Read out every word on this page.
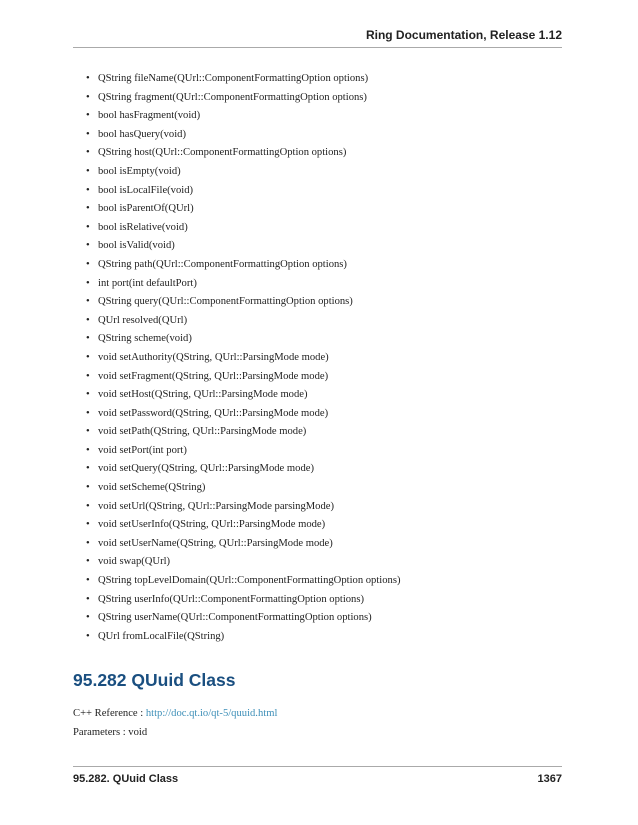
Ring Documentation, Release 1.12
• QString fileName(QUrl::ComponentFormattingOption options)
• QString fragment(QUrl::ComponentFormattingOption options)
• bool hasFragment(void)
• bool hasQuery(void)
• QString host(QUrl::ComponentFormattingOption options)
• bool isEmpty(void)
• bool isLocalFile(void)
• bool isParentOf(QUrl)
• bool isRelative(void)
• bool isValid(void)
• QString path(QUrl::ComponentFormattingOption options)
• int port(int defaultPort)
• QString query(QUrl::ComponentFormattingOption options)
• QUrl resolved(QUrl)
• QString scheme(void)
• void setAuthority(QString, QUrl::ParsingMode mode)
• void setFragment(QString, QUrl::ParsingMode mode)
• void setHost(QString, QUrl::ParsingMode mode)
• void setPassword(QString, QUrl::ParsingMode mode)
• void setPath(QString, QUrl::ParsingMode mode)
• void setPort(int port)
• void setQuery(QString, QUrl::ParsingMode mode)
• void setScheme(QString)
• void setUrl(QString, QUrl::ParsingMode parsingMode)
• void setUserInfo(QString, QUrl::ParsingMode mode)
• void setUserName(QString, QUrl::ParsingMode mode)
• void swap(QUrl)
• QString topLevelDomain(QUrl::ComponentFormattingOption options)
• QString userInfo(QUrl::ComponentFormattingOption options)
• QString userName(QUrl::ComponentFormattingOption options)
• QUrl fromLocalFile(QString)
95.282 QUuid Class
C++ Reference : http://doc.qt.io/qt-5/quuid.html
Parameters : void
95.282. QUuid Class	1367
